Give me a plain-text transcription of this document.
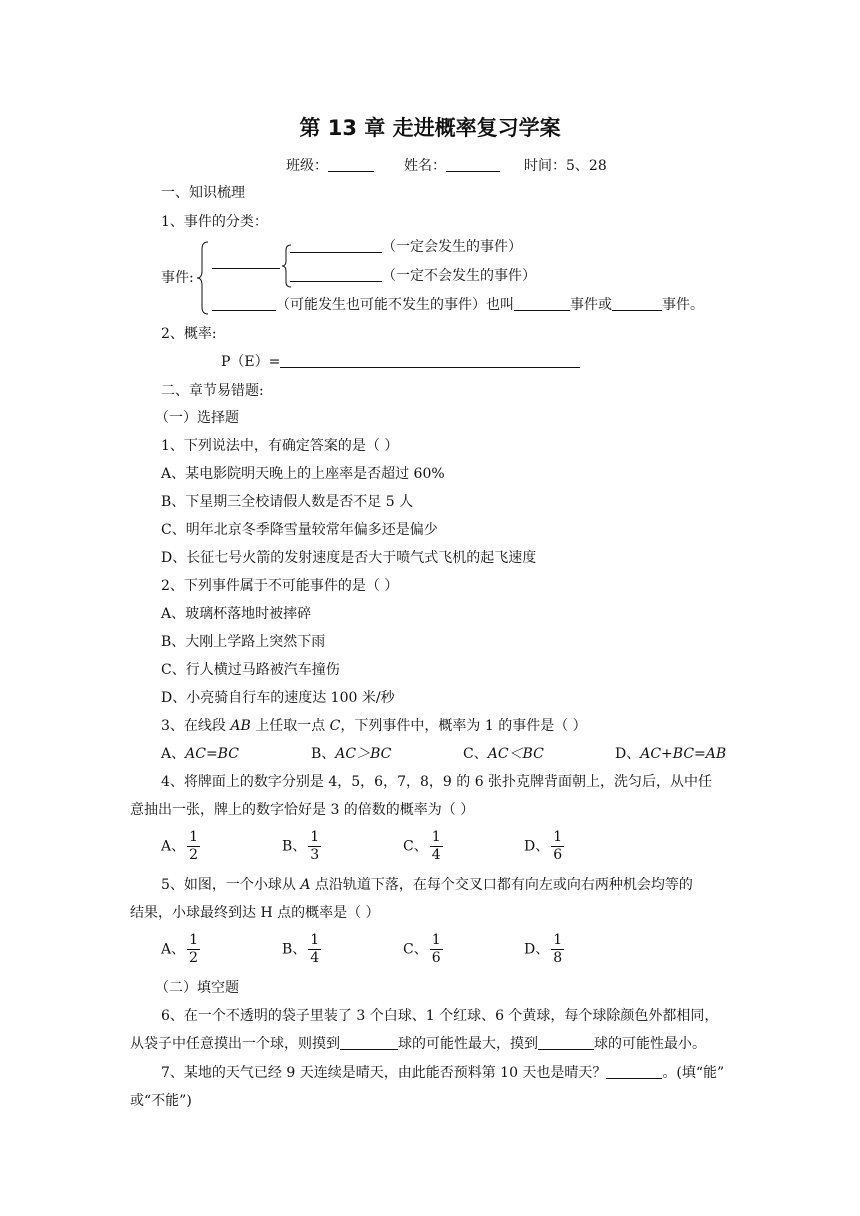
第 13 章 走进概率复习学案
班级：	姓名：	时间：5、28
一、知识梳理
1、事件的分类：
事件:
（一定会发生的事件）
（一定不会发生的事件）
（可能发生也可能不发生的事件）也叫	事件或	事件。
2、概率:
P（E）=
二、章节易错题:
（一）选择题
1、下列说法中，有确定答案的是（ ）
A、某电影院明天晚上的上座率是否超过 60%
B、下星期三全校请假人数是否不足 5 人
C、明年北京冬季降雪量较常年偏多还是偏少
D、长征七号火箭的发射速度是否大于喷气式飞机的起飞速度
2、下列事件属于不可能事件的是（ ）
A、玻璃杯落地时被摔碎
B、大刚上学路上突然下雨
C、行人横过马路被汽车撞伤
D、小亮骑自行车的速度达 100 米/秒
3、在线段 AB 上任取一点 C，下列事件中，概率为 1 的事件是（ ）
A、AC=BC	B、AC＞BC	C、AC＜BC	D、AC+BC=AB
4、将牌面上的数字分别是 4，5，6，7，8，9 的 6 张扑克牌背面朝上，洗匀后，从中任
意抽出一张，牌上的数字恰好是 3 的倍数的概率为（ ）
A、 $\frac{1}{2}$	B、 $\frac{1}{3}$	C、 $\frac{1}{4}$	D、 $\frac{1}{6}$
5、如图，一个小球从 A 点沿轨道下落，在每个交叉口都有向左或向右两种机会均等的
结果，小球最终到达 H 点的概率是（ ）
A、 $\frac{1}{2}$	B、 $\frac{1}{4}$	C、 $\frac{1}{6}$	D、 $\frac{1}{8}$
（二）填空题
6、在一个不透明的袋子里装了 3 个白球、1 个红球、6 个黄球，每个球除颜色外都相同，
从袋子中任意摸出一个球，则摸到	球的可能性最大，摸到	球的可能性最小。
7、某地的天气已经 9 天连续是晴天，由此能否预料第 10 天也是晴天？	。(填“能”
或“不能”)
